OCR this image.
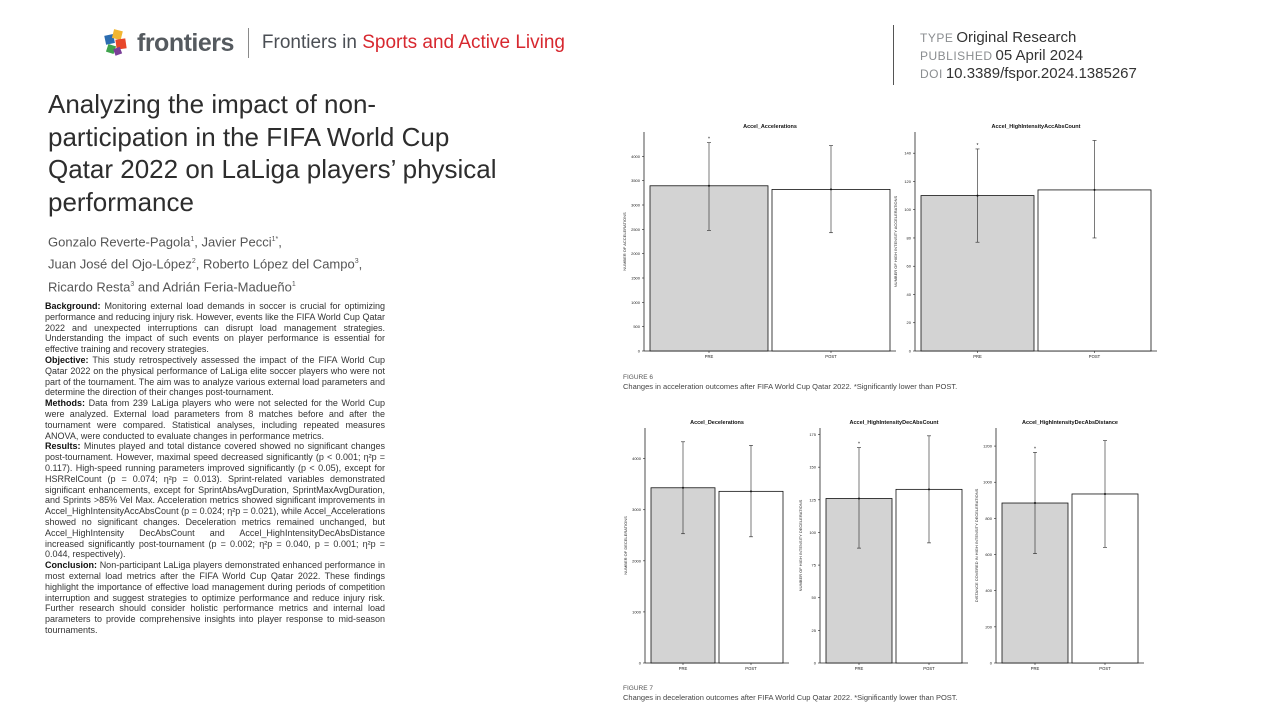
frontiers Frontiers in Sports and Active Living	TYPE Original Research
PUBLISHED 05 April 2024
DOI 10.3389/fspor.2024.1385267
Analyzing the impact of non-participation in the FIFA World Cup Qatar 2022 on LaLiga players’ physical performance
Gonzalo Reverte-Pagola$^1$, Javier Pecci$^{1*}$,
Juan José del Ojo-López$^2$, Roberto López del Campo$^3$,
Ricardo Resta$^3$ and Adrián Feria-Madueño$^1$

Background: Monitoring external load demands in soccer is crucial for optimizing performance and reducing injury risk. However, events like the FIFA World Cup Qatar 2022 and unexpected interruptions can disrupt load management strategies. Understanding the impact of such events on player performance is essential for effective training and recovery strategies.

Objective: This study retrospectively assessed the impact of the FIFA World Cup Qatar 2022 on the physical performance of LaLiga elite soccer players who were not part of the tournament. The aim was to analyze various external load parameters and determine the direction of their changes post-tournament.

Methods: Data from 239 LaLiga players who were not selected for the World Cup were analyzed. External load parameters from 8 matches before and after the tournament were compared. Statistical analyses, including repeated measures ANOVA, were conducted to evaluate changes in performance metrics.

Results: Minutes played and total distance covered showed no significant changes post-tournament. However, maximal speed decreased significantly (p < 0.001; η²p = 0.117). High-speed running parameters improved significantly (p < 0.05), except for HSRRelCount (p = 0.074; η²p = 0.013). Sprint-related variables demonstrated significant enhancements, except for SprintAbsAvgDuration, SprintMaxAvgDuration, and Sprints >85% Vel Max. Acceleration metrics showed significant improvements in Accel_HighIntensityAccAbsCount (p = 0.024; η²p = 0.021), while Accel_Accelerations showed no significant changes. Deceleration metrics remained unchanged, but Accel_HighIntensity DecAbsCount and Accel_HighIntensityDecAbsDistance increased significantly post-tournament (p = 0.002; η²p = 0.040, p = 0.001; η²p = 0.044, respectively).

Conclusion: Non-participant LaLiga players demonstrated enhanced performance in most external load metrics after the FIFA World Cup Qatar 2022. These findings highlight the importance of effective load management during periods of competition interruption and suggest strategies to optimize performance and reduce injury risk. Further research should consider holistic performance metrics and internal load parameters to provide comprehensive insights into player response to mid-season tournaments.

Accel_Accelerations
0
500
1000
1500
2000
2500
3000
3500
4000
NUMBER OF ACCELERATIONS
*
PRE	POST
Accel_HighIntensityAccAbsCount
0
20
40
60
80
100
120
140
NUMBER OF HIGH INTENSITY ACCELERATIONS
*
PRE	POST
FIGURE 6
Changes in acceleration outcomes after FIFA World Cup Qatar 2022. *Significantly lower than POST.
Accel_Decelerations
0
1000
2000
3000
4000
NUMBER OF DECELERATIONS
PRE	POST
Accel_HighIntensityDecAbsCount
0
25
50
75
100
125
150
175
NUMBER OF HIGH INTENSITY DECELERATIONS
*
PRE	POST
Accel_HighIntensityDecAbsDistance
0
200
400
600
800
1000
1200
DISTANCE COVERED IN HIGH INTENSITY DECELERATIONS
*
PRE	POST
FIGURE 7
Changes in deceleration outcomes after FIFA World Cup Qatar 2022. *Significantly lower than POST.
